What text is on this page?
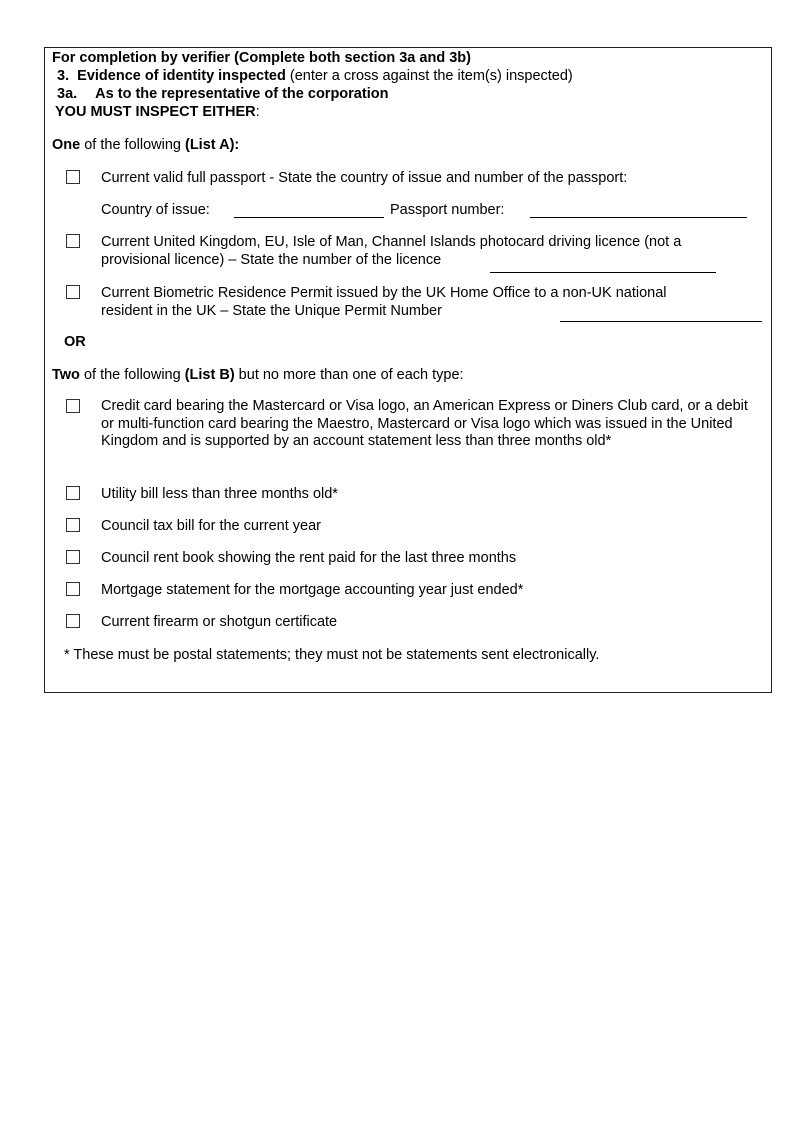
For completion by verifier (Complete both section 3a and 3b)
3. Evidence of identity inspected (enter a cross against the item(s) inspected)
3a. As to the representative of the corporation
YOU MUST INSPECT EITHER:
One of the following (List A):
Current valid full passport - State the country of issue and number of the passport:
Country of issue:	Passport number:
Current United Kingdom, EU, Isle of Man, Channel Islands photocard driving licence (not a
provisional licence) – State the number of the licence
Current Biometric Residence Permit issued by the UK Home Office to a non-UK national
resident in the UK – State the Unique Permit Number
OR
Two of the following (List B) but no more than one of each type:
Credit card bearing the Mastercard or Visa logo, an American Express or Diners Club card, or a debit or multi-function card bearing the Maestro, Mastercard or Visa logo which was issued in the United Kingdom and is supported by an account statement less than three months old*
Utility bill less than three months old*
Council tax bill for the current year
Council rent book showing the rent paid for the last three months
Mortgage statement for the mortgage accounting year just ended*
Current firearm or shotgun certificate
* These must be postal statements; they must not be statements sent electronically.
